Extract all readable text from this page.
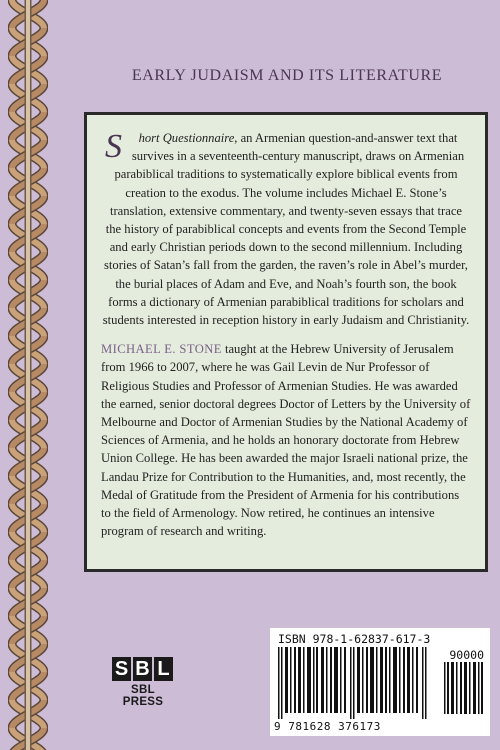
EARLY JUDAISM AND ITS LITERATURE

S hort Questionnaire, an Armenian question-and-answer text that survives in a seventeenth-century manuscript, draws on Armenian parabiblical traditions to systematically explore biblical events from creation to the exodus. The volume includes Michael E. Stone’s translation, extensive commentary, and twenty-seven essays that trace the history of parabiblical concepts and events from the Second Temple and early Christian periods down to the second millennium. Including stories of Satan’s fall from the garden, the raven’s role in Abel’s murder, the burial places of Adam and Eve, and Noah’s fourth son, the book forms a dictionary of Armenian parabiblical traditions for scholars and students interested in reception history in early Judaism and Christianity.

MICHAEL E. STONE taught at the Hebrew University of Jerusalem from 1966 to 2007, where he was Gail Levin de Nur Professor of Religious Studies and Professor of Armenian Studies. He was awarded the earned, senior doctoral degrees Doctor of Letters by the University of Melbourne and Doctor of Armenian Studies by the National Academy of Sciences of Armenia, and he holds an honorary doctorate from Hebrew Union College. He has been awarded the major Israeli national prize, the Landau Prize for Contribution to the Humanities, and, most recently, the Medal of Gratitude from the President of Armenia for his contributions to the field of Armenology. Now retired, he continues an intensive program of research and writing.

S B L
SBL PRESS
ISBN 978-1-62837-617-3
90000
9 781628 376173
